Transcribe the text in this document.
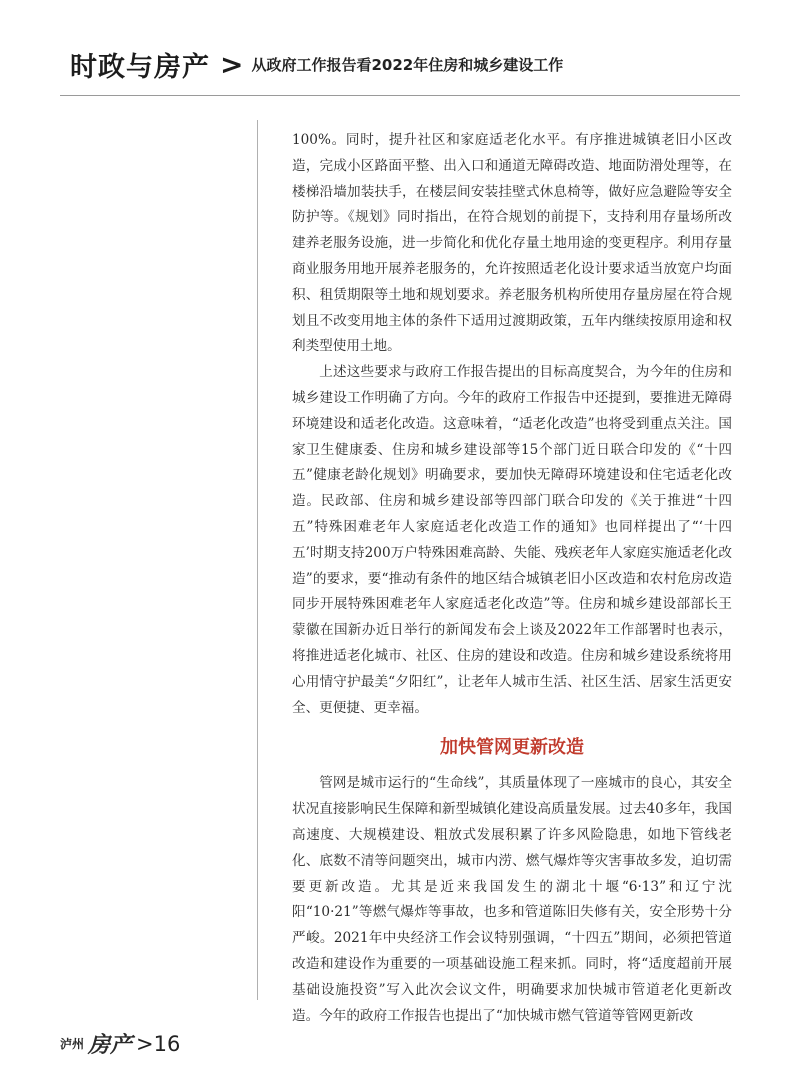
时政与房产 > 从政府工作报告看2022年住房和城乡建设工作

100%。同时，提升社区和家庭适老化水平。有序推进城镇老旧小区改造，完成小区路面平整、出入口和通道无障碍改造、地面防滑处理等，在楼梯沿墙加装扶手，在楼层间安装挂壁式休息椅等，做好应急避险等安全防护等。《规划》同时指出，在符合规划的前提下，支持利用存量场所改建养老服务设施，进一步简化和优化存量土地用途的变更程序。利用存量商业服务用地开展养老服务的，允许按照适老化设计要求适当放宽户均面积、租赁期限等土地和规划要求。养老服务机构所使用存量房屋在符合规划且不改变用地主体的条件下适用过渡期政策，五年内继续按原用途和权利类型使用土地。

上述这些要求与政府工作报告提出的目标高度契合，为今年的住房和城乡建设工作明确了方向。今年的政府工作报告中还提到，要推进无障碍环境建设和适老化改造。这意味着，“适老化改造”也将受到重点关注。国家卫生健康委、住房和城乡建设部等15个部门近日联合印发的《“十四五”健康老龄化规划》明确要求，要加快无障碍环境建设和住宅适老化改造。民政部、住房和城乡建设部等四部门联合印发的《关于推进“十四五”特殊困难老年人家庭适老化改造工作的通知》也同样提出了“‘十四五’时期支持200万户特殊困难高龄、失能、残疾老年人家庭实施适老化改造”的要求，要“推动有条件的地区结合城镇老旧小区改造和农村危房改造同步开展特殊困难老年人家庭适老化改造”等。住房和城乡建设部部长王蒙徽在国新办近日举行的新闻发布会上谈及2022年工作部署时也表示，将推进适老化城市、社区、住房的建设和改造。住房和城乡建设系统将用心用情守护最美“夕阳红”，让老年人城市生活、社区生活、居家生活更安全、更便捷、更幸福。

加快管网更新改造

管网是城市运行的“生命线”，其质量体现了一座城市的良心，其安全状况直接影响民生保障和新型城镇化建设高质量发展。过去40多年，我国高速度、大规模建设、粗放式发展积累了许多风险隐患，如地下管线老化、底数不清等问题突出，城市内涝、燃气爆炸等灾害事故多发，迫切需要更新改造。尤其是近来我国发生的湖北十堰“6·13”和辽宁沈阳“10·21”等燃气爆炸等事故，也多和管道陈旧失修有关，安全形势十分严峻。2021年中央经济工作会议特别强调，“十四五”期间，必须把管道改造和建设作为重要的一项基础设施工程来抓。同时，将“适度超前开展基础设施投资”写入此次会议文件，明确要求加快城市管道老化更新改造。今年的政府工作报告也提出了“加快城市燃气管道等管网更新改

泸州 房产 >16
